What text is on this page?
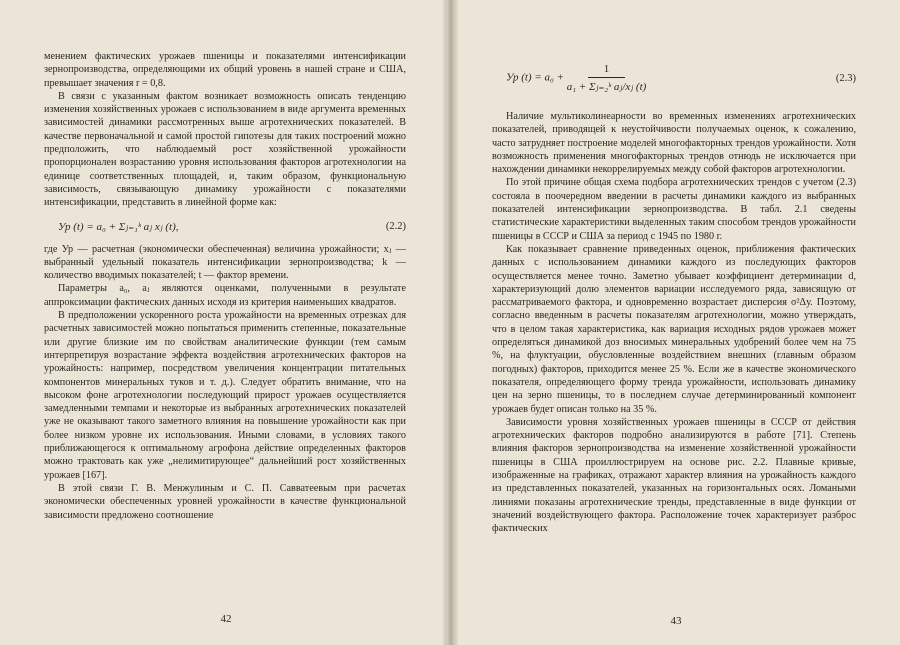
менением фактических урожаев пшеницы и показателями интенсификации зернопроизводства, определяющими их общий уровень в нашей стране и США, превышает значения r = 0,8.

В связи с указанным фактом возникает возможность описать тенденцию изменения хозяйственных урожаев с использованием в виде аргумента временных зависимостей динамики рассмотренных выше агротехнических показателей. В качестве первоначальной и самой простой гипотезы для таких построений можно предположить, что наблюдаемый рост хозяйственной урожайности пропорционален возрастанию уровня использования факторов агротехнологии на единице соответственных площадей, и, таким образом, функциональную зависимость, связывающую динамику урожайности с показателями интенсификации, представить в линейной форме как:

Ур (t) = a₀ + Σⱼ₌₁ᵏ aⱼ xⱼ (t),	(2.2)

где Ур — расчетная (экономически обеспеченная) величина урожайности; xⱼ — выбранный удельный показатель интенсификации зернопроизводства; k — количество вводимых показателей; t — фактор времени.

Параметры a₀, aⱼ являются оценками, полученными в результате аппроксимации фактических данных исходя из критерия наименьших квадратов.

В предположении ускоренного роста урожайности на временных отрезках для расчетных зависимостей можно попытаться применить степенные, показательные или другие близкие им по свойствам аналитические функции (тем самым интерпретируя возрастание эффекта воздействия агротехнических факторов на урожайность: например, посредством увеличения концентрации питательных компонентов минеральных туков и т. д.). Следует обратить внимание, что на высоком фоне агротехнологии последующий прирост урожаев осуществляется замедленными темпами и некоторые из выбранных агротехнических показателей уже не оказывают такого заметного влияния на повышение урожайности как при более низком уровне их использования. Иными словами, в условиях такого приближающегося к оптимальному агрофона действие определенных факторов можно трактовать как уже „нелимитирующее“ дальнейший рост хозяйственных урожаев [167].

В этой связи Г. В. Менжулиным и С. П. Савватеевым при расчетах экономически обеспеченных уровней урожайности в качестве функциональной зависимости предложено соотношение

42
Ур $(t) = a_0 + \frac{1}{\text{a₁ + Σⱼ₌₂ᵏ aⱼ/xⱼ (t)}}$	(2.3)

Наличие мультиколинеарности во временных изменениях агротехнических показателей, приводящей к неустойчивости получаемых оценок, к сожалению, часто затрудняет построение моделей многофакторных трендов урожайности. Хотя возможность применения многофакторных трендов отнюдь не исключается при нахождении динамики некоррелируемых между собой факторов агротехнологии.

По этой причине общая схема подбора агротехнических трендов с учетом (2.3) состояла в поочередном введении в расчеты динамики каждого из выбранных показателей интенсификации зернопроизводства. В табл. 2.1 сведены статистические характеристики выделенных таким способом трендов урожайности пшеницы в СССР и США за период с 1945 по 1980 г.

Как показывает сравнение приведенных оценок, приближения фактических данных с использованием динамики каждого из последующих факторов осуществляется менее точно. Заметно убывает коэффициент детерминации d, характеризующий долю элементов вариации исследуемого ряда, зависящую от рассматриваемого фактора, и одновременно возрастает дисперсия σ²Δу. Поэтому, согласно введенным в расчеты показателям агротехнологии, можно утверждать, что в целом такая характеристика, как вариация исходных рядов урожаев может определяться динамикой доз вносимых минеральных удобрений более чем на 75 %, на флуктуации, обусловленные воздействием внешних (главным образом погодных) факторов, приходится менее 25 %. Если же в качестве экономического показателя, определяющего форму тренда урожайности, использовать динамику цен на зерно пшеницы, то в последнем случае детерминированный компонент урожаев будет описан только на 35 %.

Зависимости уровня хозяйственных урожаев пшеницы в СССР от действия агротехнических факторов подробно анализируются в работе [71]. Степень влияния факторов зернопроизводства на изменение хозяйственной урожайности пшеницы в США проиллюстрируем на основе рис. 2.2. Плавные кривые, изображенные на графиках, отражают характер влияния на урожайность каждого из представленных показателей, указанных на горизонтальных осях. Ломаными линиями показаны агротехнические тренды, представленные в виде функции от значений воздействующего фактора. Расположение точек характеризует разброс фактических

43
